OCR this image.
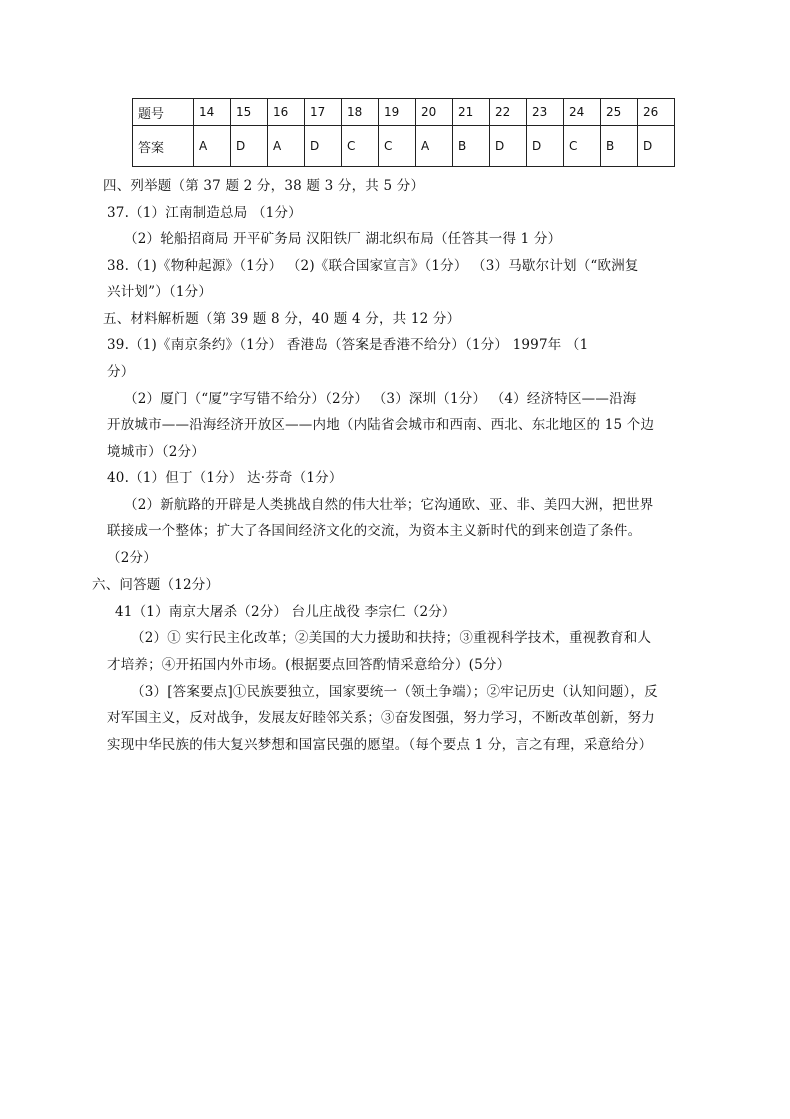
题号	14	15	16	17	18	19	20	21	22	23	24	25	26
答案	A	D	A	D	C	C	A	B	D	D	C	B	D
四、列举题（第 37 题 2 分，38 题 3 分，共 5 分）
37.（1）江南制造总局 （1分）
（2）轮船招商局 开平矿务局 汉阳铁厂 湖北织布局（任答其一得 1 分）
38.（1)《物种起源》（1分） （2)《联合国家宣言》（1分） （3）马歇尔计划（“欧洲复
兴计划”）（1分）
五、材料解析题（第 39 题 8 分，40 题 4 分，共 12 分）
39.（1)《南京条约》（1分） 香港岛（答案是香港不给分）（1分） 1997年 （1
分）
（2）厦门（“厦”字写错不给分）（2分） （3）深圳（1分） （4）经济特区——沿海
开放城市——沿海经济开放区——内地（内陆省会城市和西南、西北、东北地区的 15 个边
境城市）（2分）
40.（1）但丁（1分） 达·芬奇（1分）
（2）新航路的开辟是人类挑战自然的伟大壮举；它沟通欧、亚、非、美四大洲，把世界
联接成一个整体；扩大了各国间经济文化的交流，为资本主义新时代的到来创造了条件。
（2分）
六、问答题（12分）
41（1）南京大屠杀（2分） 台儿庄战役 李宗仁（2分）
（2）① 实行民主化改革；②美国的大力援助和扶持；③重视科学技术，重视教育和人
才培养；④开拓国内外市场。(根据要点回答酌情采意给分）(5分）
（3）[答案要点]①民族要独立，国家要统一（领土争端）；②牢记历史（认知问题），反
对军国主义，反对战争，发展友好睦邻关系；③奋发图强，努力学习，不断改革创新，努力
实现中华民族的伟大复兴梦想和国富民强的愿望。（每个要点 1 分，言之有理，采意给分）
